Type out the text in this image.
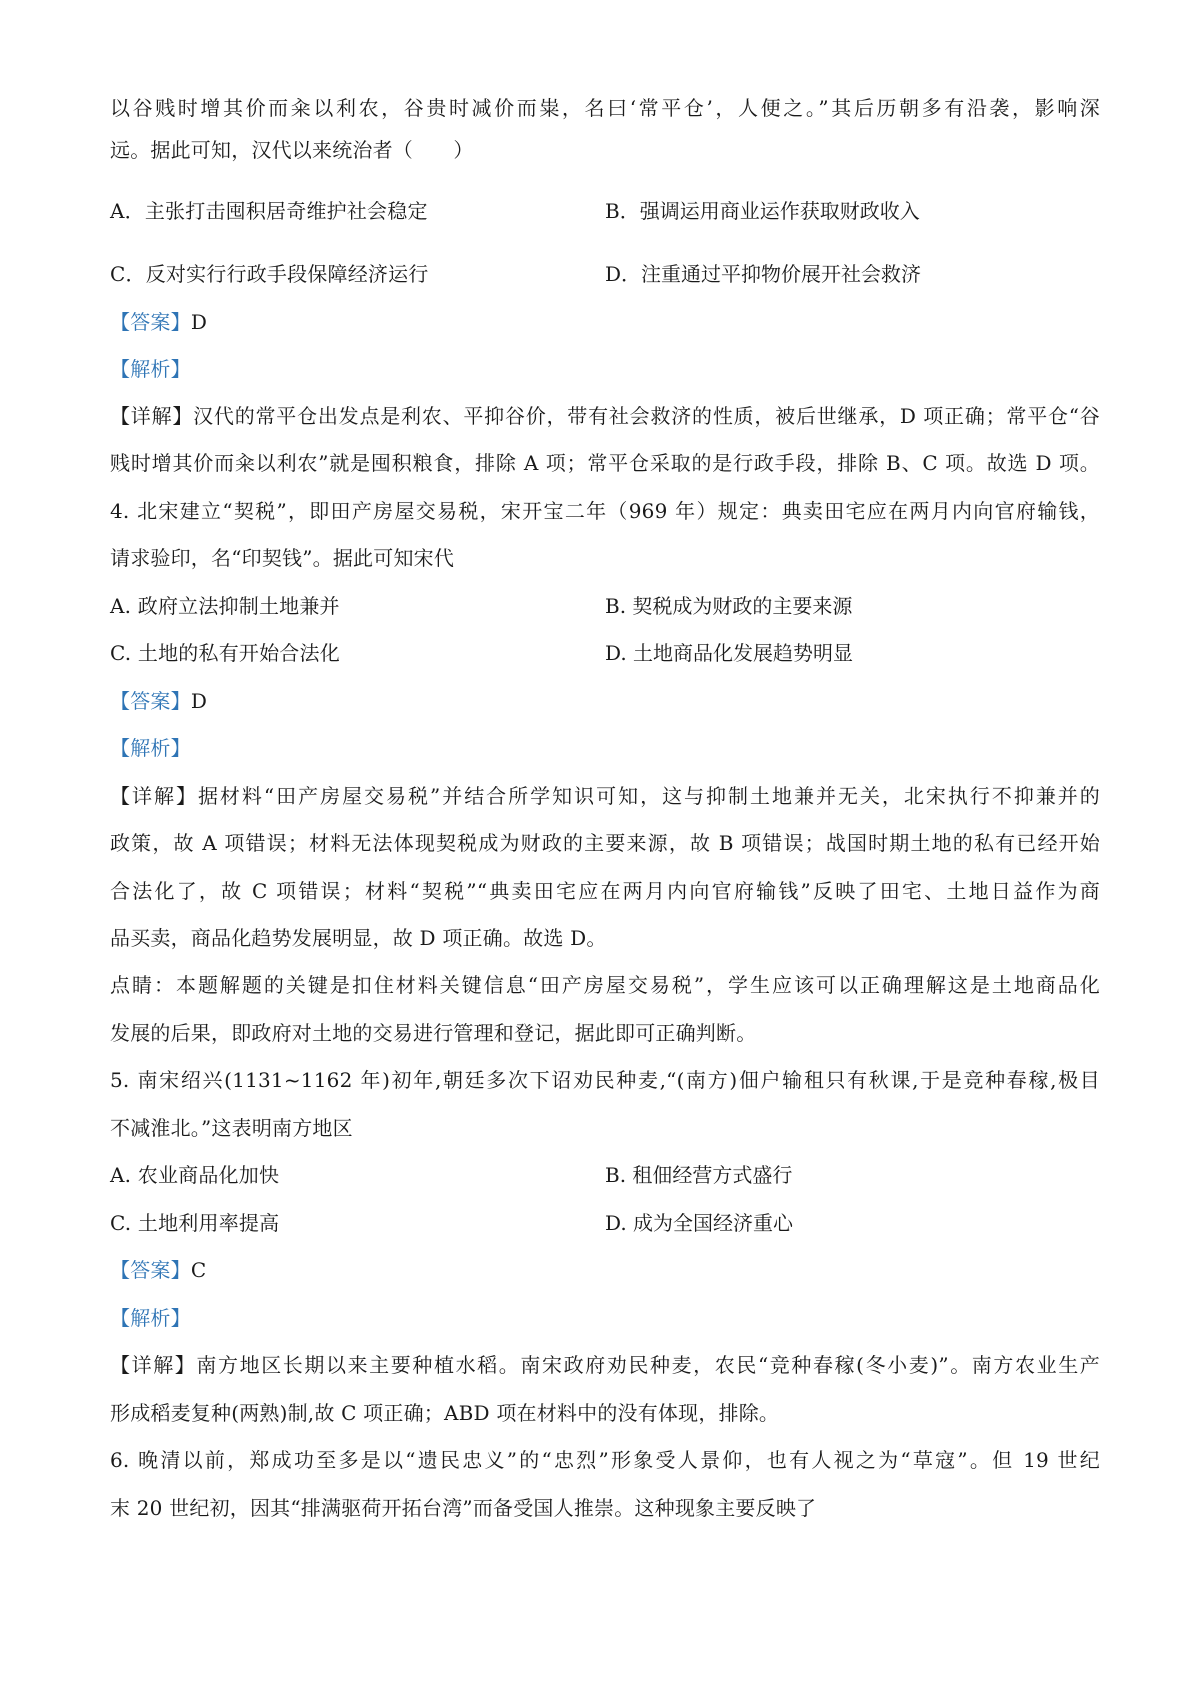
以谷贱时增其价而籴以利农，谷贵时减价而粜，名曰‘常平仓’，人便之。”其后历朝多有沿袭，影响深
远。据此可知，汉代以来统治者（　　）
A．主张打击囤积居奇维护社会稳定	B．强调运用商业运作获取财政收入
C．反对实行行政手段保障经济运行	D．注重通过平抑物价展开社会救济
【答案】D
【解析】
【详解】汉代的常平仓出发点是利农、平抑谷价，带有社会救济的性质，被后世继承，D 项正确；常平仓“谷
贱时增其价而籴以利农”就是囤积粮食，排除 A 项；常平仓采取的是行政手段，排除 B、C 项。故选 D 项。
4. 北宋建立“契税”，即田产房屋交易税，宋开宝二年（969 年）规定：典卖田宅应在两月内向官府输钱，
请求验印，名“印契钱”。据此可知宋代
A. 政府立法抑制土地兼并	B. 契税成为财政的主要来源
C. 土地的私有开始合法化	D. 土地商品化发展趋势明显
【答案】D
【解析】
【详解】据材料“田产房屋交易税”并结合所学知识可知，这与抑制土地兼并无关，北宋执行不抑兼并的
政策，故 A 项错误；材料无法体现契税成为财政的主要来源，故 B 项错误；战国时期土地的私有已经开始
合法化了，故 C 项错误；材料“契税”“典卖田宅应在两月内向官府输钱”反映了田宅、土地日益作为商
品买卖，商品化趋势发展明显，故 D 项正确。故选 D。
点睛：本题解题的关键是扣住材料关键信息“田产房屋交易税”，学生应该可以正确理解这是土地商品化
发展的后果，即政府对土地的交易进行管理和登记，据此即可正确判断。
5. 南宋绍兴(1131~1162 年)初年,朝廷多次下诏劝民种麦,“(南方)佃户输租只有秋课,于是竞种春稼,极目
不减淮北。”这表明南方地区
A. 农业商品化加快	B. 租佃经营方式盛行
C. 土地利用率提高	D. 成为全国经济重心
【答案】C
【解析】
【详解】南方地区长期以来主要种植水稻。南宋政府劝民种麦，农民“竞种春稼(冬小麦)”。南方农业生产
形成稻麦复种(两熟)制,故 C 项正确；ABD 项在材料中的没有体现，排除。
6. 晚清以前，郑成功至多是以“遗民忠义”的“忠烈”形象受人景仰，也有人视之为“草寇”。但 19 世纪
末 20 世纪初，因其“排满驱荷开拓台湾”而备受国人推崇。这种现象主要反映了
